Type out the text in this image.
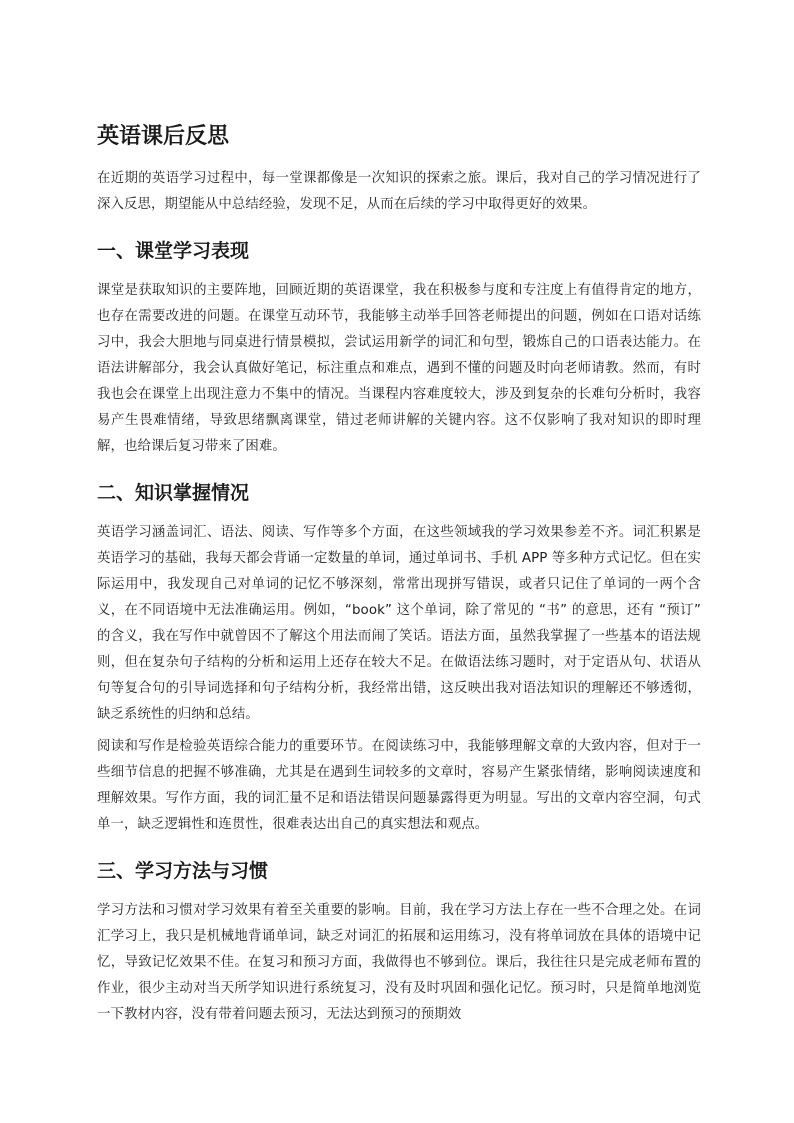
英语课后反思

在近期的英语学习过程中，每一堂课都像是一次知识的探索之旅。课后，我对自己的学习情况进行了深入反思，期望能从中总结经验，发现不足，从而在后续的学习中取得更好的效果。

一、课堂学习表现

课堂是获取知识的主要阵地，回顾近期的英语课堂，我在积极参与度和专注度上有值得肯定的地方，也存在需要改进的问题。在课堂互动环节，我能够主动举手回答老师提出的问题，例如在口语对话练习中，我会大胆地与同桌进行情景模拟，尝试运用新学的词汇和句型，锻炼自己的口语表达能力。在语法讲解部分，我会认真做好笔记，标注重点和难点，遇到不懂的问题及时向老师请教。然而，有时我也会在课堂上出现注意力不集中的情况。当课程内容难度较大，涉及到复杂的长难句分析时，我容易产生畏难情绪，导致思绪飘离课堂，错过老师讲解的关键内容。这不仅影响了我对知识的即时理解，也给课后复习带来了困难。

二、知识掌握情况

英语学习涵盖词汇、语法、阅读、写作等多个方面，在这些领域我的学习效果参差不齐。词汇积累是英语学习的基础，我每天都会背诵一定数量的单词，通过单词书、手机 APP 等多种方式记忆。但在实际运用中，我发现自己对单词的记忆不够深刻，常常出现拼写错误，或者只记住了单词的一两个含义，在不同语境中无法准确运用。例如，“book” 这个单词，除了常见的 “书” 的意思，还有 “预订” 的含义，我在写作中就曾因不了解这个用法而闹了笑话。语法方面，虽然我掌握了一些基本的语法规则，但在复杂句子结构的分析和运用上还存在较大不足。在做语法练习题时，对于定语从句、状语从句等复合句的引导词选择和句子结构分析，我经常出错，这反映出我对语法知识的理解还不够透彻，缺乏系统性的归纳和总结。

阅读和写作是检验英语综合能力的重要环节。在阅读练习中，我能够理解文章的大致内容，但对于一些细节信息的把握不够准确，尤其是在遇到生词较多的文章时，容易产生紧张情绪，影响阅读速度和理解效果。写作方面，我的词汇量不足和语法错误问题暴露得更为明显。写出的文章内容空洞，句式单一，缺乏逻辑性和连贯性，很难表达出自己的真实想法和观点。

三、学习方法与习惯

学习方法和习惯对学习效果有着至关重要的影响。目前，我在学习方法上存在一些不合理之处。在词汇学习上，我只是机械地背诵单词，缺乏对词汇的拓展和运用练习，没有将单词放在具体的语境中记忆，导致记忆效果不佳。在复习和预习方面，我做得也不够到位。课后，我往往只是完成老师布置的作业，很少主动对当天所学知识进行系统复习，没有及时巩固和强化记忆。预习时，只是简单地浏览一下教材内容，没有带着问题去预习，无法达到预习的预期效
